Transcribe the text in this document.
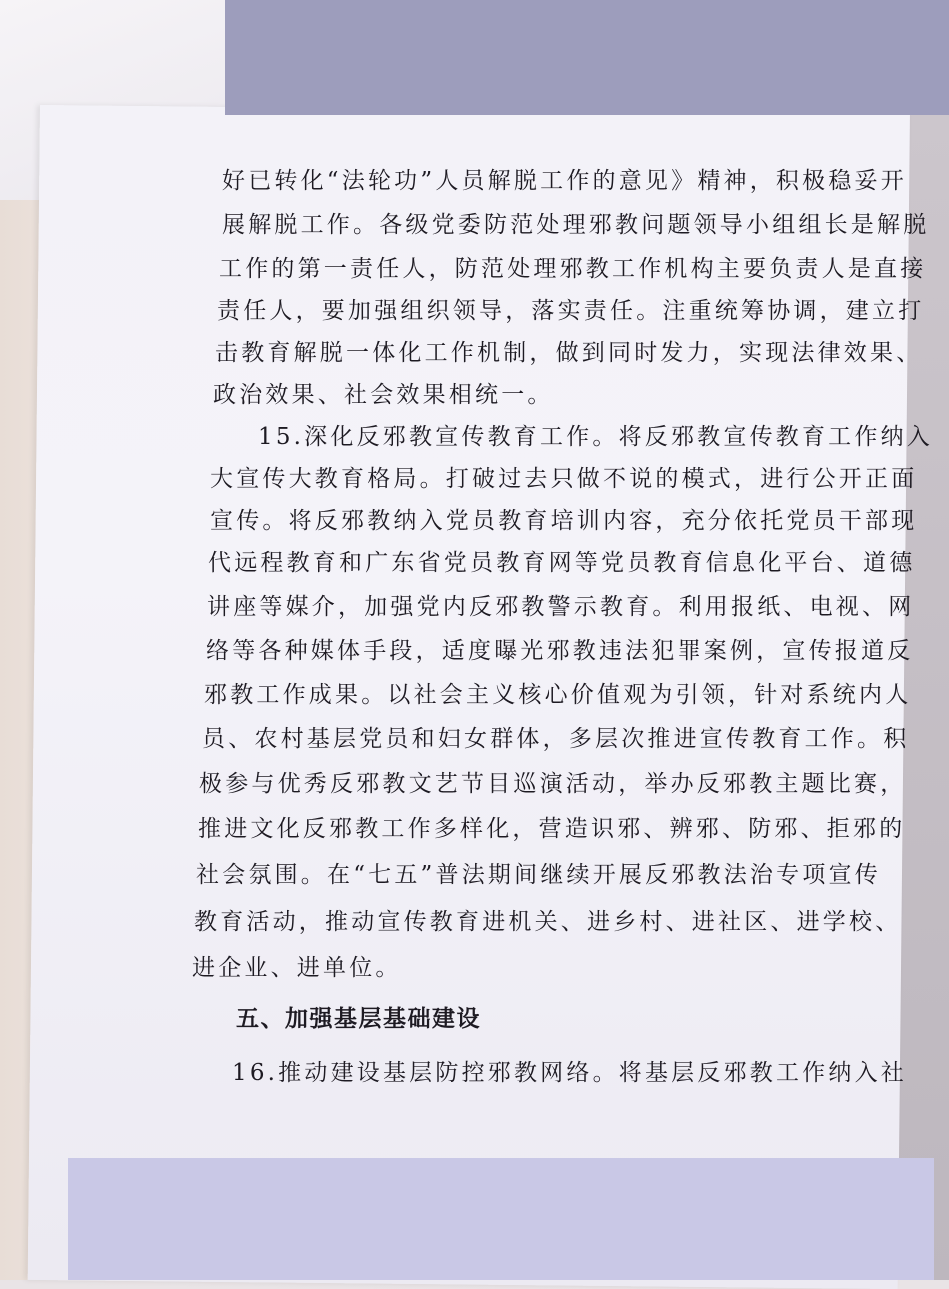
好已转化“法轮功”人员解脱工作的意见》精神，积极稳妥开
展解脱工作。各级党委防范处理邪教问题领导小组组长是解脱
工作的第一责任人，防范处理邪教工作机构主要负责人是直接
责任人，要加强组织领导，落实责任。注重统筹协调，建立打
击教育解脱一体化工作机制，做到同时发力，实现法律效果、
政治效果、社会效果相统一。
15.深化反邪教宣传教育工作。将反邪教宣传教育工作纳入
大宣传大教育格局。打破过去只做不说的模式，进行公开正面
宣传。将反邪教纳入党员教育培训内容，充分依托党员干部现
代远程教育和广东省党员教育网等党员教育信息化平台、道德
讲座等媒介，加强党内反邪教警示教育。利用报纸、电视、网
络等各种媒体手段，适度曝光邪教违法犯罪案例，宣传报道反
邪教工作成果。以社会主义核心价值观为引领，针对系统内人
员、农村基层党员和妇女群体，多层次推进宣传教育工作。积
极参与优秀反邪教文艺节目巡演活动，举办反邪教主题比赛，
推进文化反邪教工作多样化，营造识邪、辨邪、防邪、拒邪的
社会氛围。在“七五”普法期间继续开展反邪教法治专项宣传
教育活动，推动宣传教育进机关、进乡村、进社区、进学校、
进企业、进单位。
五、加强基层基础建设
16.推动建设基层防控邪教网络。将基层反邪教工作纳入社
